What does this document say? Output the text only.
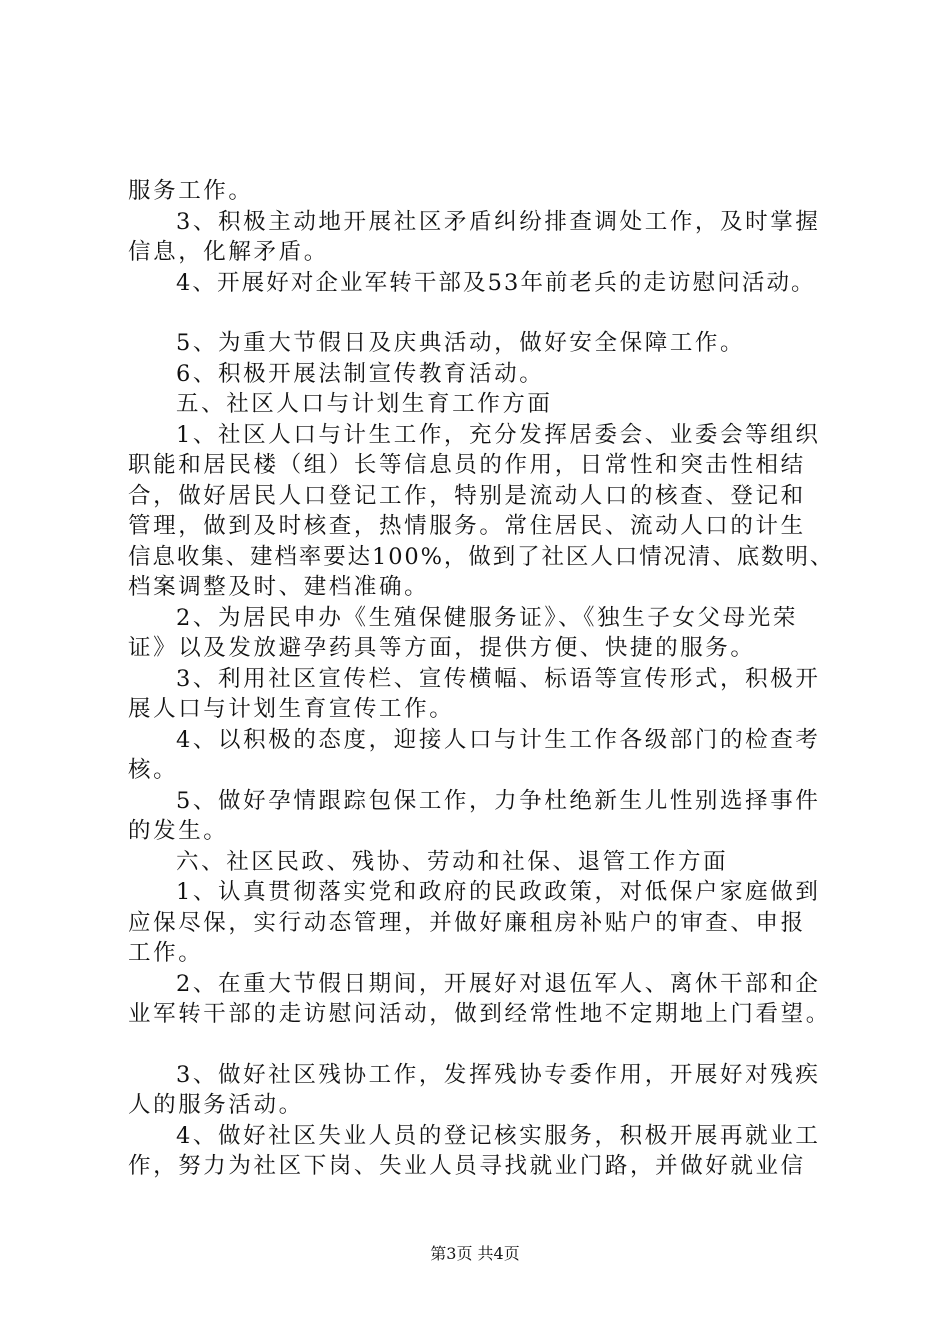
服务工作。
3、积极主动地开展社区矛盾纠纷排查调处工作，及时掌握
信息，化解矛盾。
4、开展好对企业军转干部及53年前老兵的走访慰问活动。
5、为重大节假日及庆典活动，做好安全保障工作。
6、积极开展法制宣传教育活动。
五、社区人口与计划生育工作方面
1、社区人口与计生工作，充分发挥居委会、业委会等组织
职能和居民楼（组）长等信息员的作用，日常性和突击性相结
合，做好居民人口登记工作，特别是流动人口的核查、登记和
管理，做到及时核查，热情服务。常住居民、流动人口的计生
信息收集、建档率要达100%，做到了社区人口情况清、底数明、
档案调整及时、建档准确。
2、为居民申办《生殖保健服务证》、《独生子女父母光荣
证》以及发放避孕药具等方面，提供方便、快捷的服务。
3、利用社区宣传栏、宣传横幅、标语等宣传形式，积极开
展人口与计划生育宣传工作。
4、以积极的态度，迎接人口与计生工作各级部门的检查考
核。
5、做好孕情跟踪包保工作，力争杜绝新生儿性别选择事件
的发生。
六、社区民政、残协、劳动和社保、退管工作方面
1、认真贯彻落实党和政府的民政政策，对低保户家庭做到
应保尽保，实行动态管理，并做好廉租房补贴户的审查、申报
工作。
2、在重大节假日期间，开展好对退伍军人、离休干部和企
业军转干部的走访慰问活动，做到经常性地不定期地上门看望。
3、做好社区残协工作，发挥残协专委作用，开展好对残疾
人的服务活动。
4、做好社区失业人员的登记核实服务，积极开展再就业工
作，努力为社区下岗、失业人员寻找就业门路，并做好就业信
第3页 共4页
